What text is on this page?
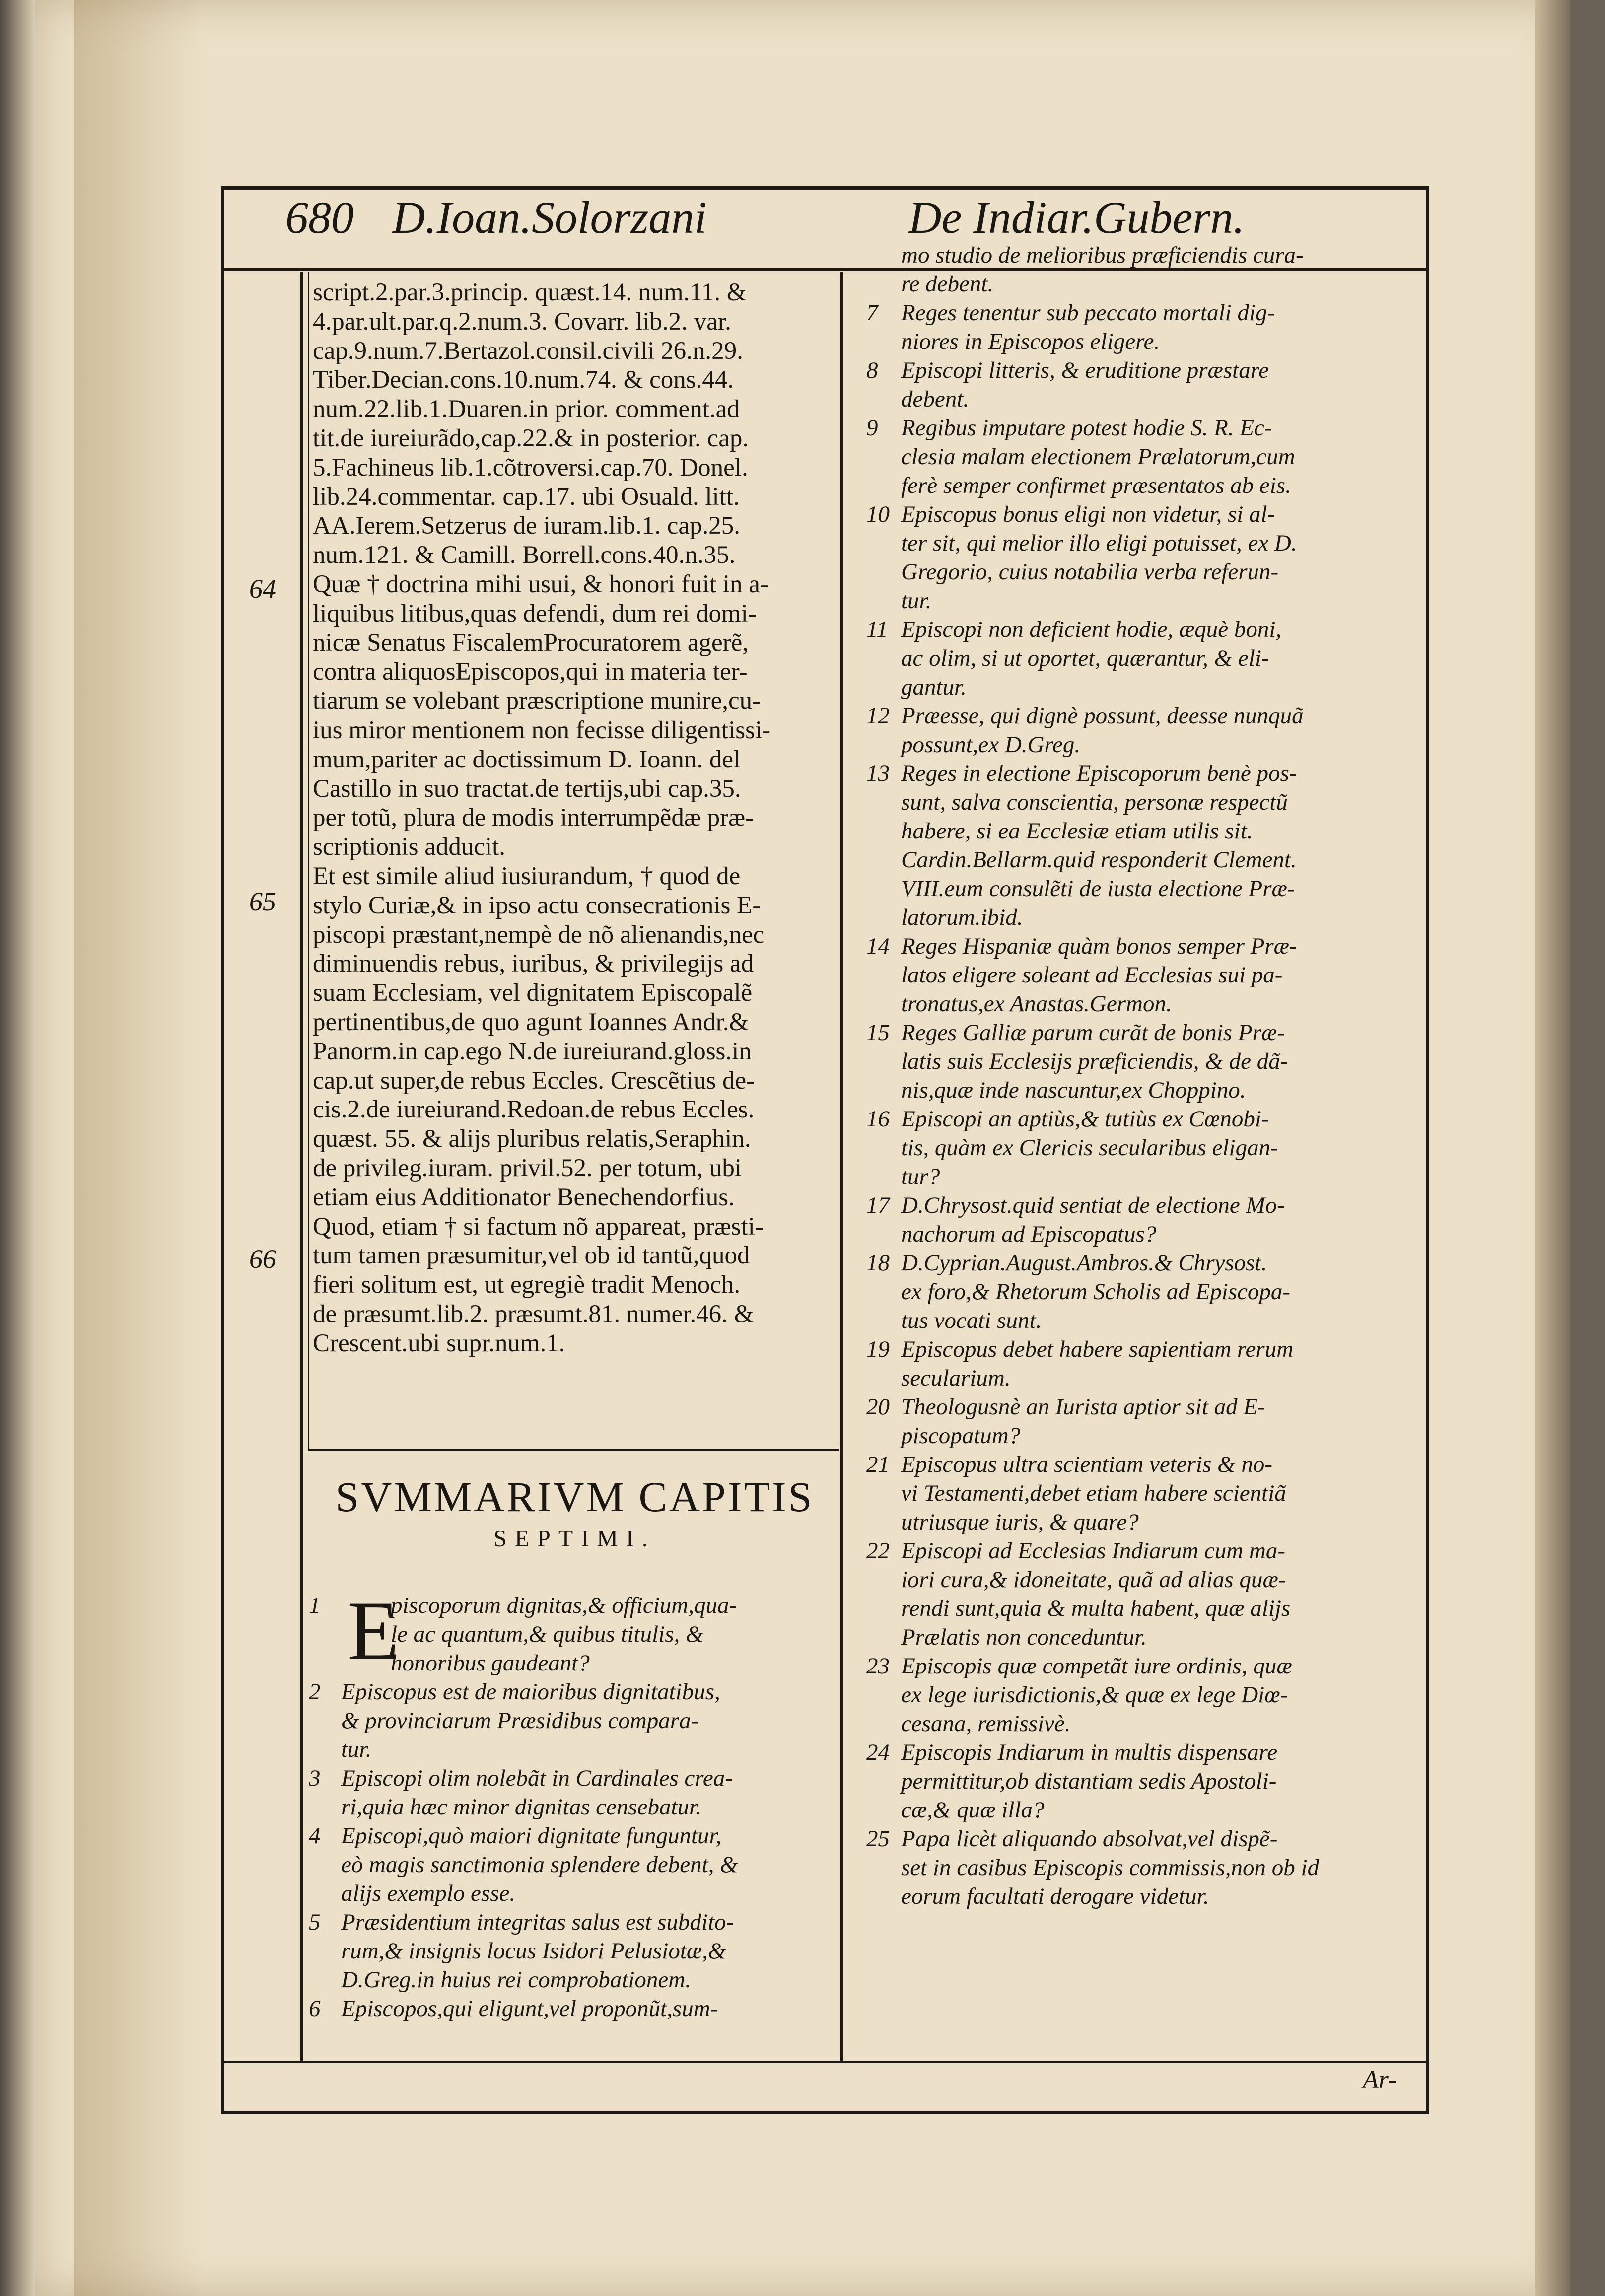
680 D.Ioan.Solorzani	De Indiar.Gubern.
script.2.par.3.princip. quæst.14. num.11. &
4.par.ult.par.q.2.num.3. Covarr. lib.2. var.
cap.9.num.7.Bertazol.consil.civili 26.n.29.
Tiber.Decian.cons.10.num.74. & cons.44.
num.22.lib.1.Duaren.in prior. comment.ad
tit.de iureiurãdo,cap.22.& in posterior. cap.
5.Fachineus lib.1.cõtroversi.cap.70. Donel.
lib.24.commentar. cap.17. ubi Osuald. litt.
AA.Ierem.Setzerus de iuram.lib.1. cap.25.
num.121. & Camill. Borrell.cons.40.n.35.
Quæ † doctrina mihi usui, & honori fuit in a-
liquibus litibus,quas defendi, dum rei domi-
nicæ Senatus FiscalemProcuratorem agerẽ,
contra aliquosEpiscopos,qui in materia ter-
tiarum se volebant præscriptione munire,cu-
ius miror mentionem non fecisse diligentissi-
mum,pariter ac doctissimum D. Ioann. del
Castillo in suo tractat.de tertijs,ubi cap.35.
per totũ, plura de modis interrumpẽdæ præ-
scriptionis adducit.
Et est simile aliud iusiurandum, † quod de
stylo Curiæ,& in ipso actu consecrationis E-
piscopi præstant,nempè de nõ alienandis,nec
diminuendis rebus, iuribus, & privilegijs ad
suam Ecclesiam, vel dignitatem Episcopalẽ
pertinentibus,de quo agunt Ioannes Andr.&
Panorm.in cap.ego N.de iureiurand.gloss.in
cap.ut super,de rebus Eccles. Crescẽtius de-
cis.2.de iureiurand.Redoan.de rebus Eccles.
quæst. 55. & alijs pluribus relatis,Seraphin.
de privileg.iuram. privil.52. per totum, ubi
etiam eius Additionator Benechendorfius.
Quod, etiam † si factum nõ appareat, præsti-
tum tamen præsumitur,vel ob id tantũ,quod
fieri solitum est, ut egregiè tradit Menoch.
de præsumt.lib.2. præsumt.81. numer.46. &
Crescent.ubi supr.num.1.
64
65
66
SVMMARIVM CAPITIS
SEPTIMI.
E
1	piscoporum dignitas,& officium,qua-
le ac quantum,& quibus titulis, &
honoribus gaudeant?
2 Episcopus est de maioribus dignitatibus,
& provinciarum Præsidibus compara-
tur.
3 Episcopi olim nolebãt in Cardinales crea-
ri,quia hæc minor dignitas censebatur.
4 Episcopi,quò maiori dignitate funguntur,
eò magis sanctimonia splendere debent, &
alijs exemplo esse.
5 Præsidentium integritas salus est subdito-
rum,& insignis locus Isidori Pelusiotæ,&
D.Greg.in huius rei comprobationem.
6 Episcopos,qui eligunt,vel proponũt,sum-
mo studio de melioribus præficiendis cura-
re debent.
7 Reges tenentur sub peccato mortali dig-
niores in Episcopos eligere.
8 Episcopi litteris, & eruditione præstare
debent.
9 Regibus imputare potest hodie S. R. Ec-
clesia malam electionem Prælatorum,cum
ferè semper confirmet præsentatos ab eis.
10 Episcopus bonus eligi non videtur, si al-
ter sit, qui melior illo eligi potuisset, ex D.
Gregorio, cuius notabilia verba referun-
tur.
11 Episcopi non deficient hodie, æquè boni,
ac olim, si ut oportet, quærantur, & eli-
gantur.
12 Præesse, qui dignè possunt, deesse nunquã
possunt,ex D.Greg.
13 Reges in electione Episcoporum benè pos-
sunt, salva conscientia, personæ respectũ
habere, si ea Ecclesiæ etiam utilis sit.
Cardin.Bellarm.quid responderit Clement.
VIII.eum consulẽti de iusta electione Præ-
latorum.ibid.
14 Reges Hispaniæ quàm bonos semper Præ-
latos eligere soleant ad Ecclesias sui pa-
tronatus,ex Anastas.Germon.
15 Reges Galliæ parum curãt de bonis Præ-
latis suis Ecclesijs præficiendis, & de dã-
nis,quæ inde nascuntur,ex Choppino.
16 Episcopi an aptiùs,& tutiùs ex Cœnobi-
tis, quàm ex Clericis secularibus eligan-
tur?
17 D.Chrysost.quid sentiat de electione Mo-
nachorum ad Episcopatus?
18 D.Cyprian.August.Ambros.& Chrysost.
ex foro,& Rhetorum Scholis ad Episcopa-
tus vocati sunt.
19 Episcopus debet habere sapientiam rerum
secularium.
20 Theologusnè an Iurista aptior sit ad E-
piscopatum?
21 Episcopus ultra scientiam veteris & no-
vi Testamenti,debet etiam habere scientiã
utriusque iuris, & quare?
22 Episcopi ad Ecclesias Indiarum cum ma-
iori cura,& idoneitate, quã ad alias quæ-
rendi sunt,quia & multa habent, quæ alijs
Prælatis non conceduntur.
23 Episcopis quæ competãt iure ordinis, quæ
ex lege iurisdictionis,& quæ ex lege Diœ-
cesana, remissivè.
24 Episcopis Indiarum in multis dispensare
permittitur,ob distantiam sedis Apostoli-
cæ,& quæ illa?
25 Papa licèt aliquando absolvat,vel dispẽ-
set in casibus Episcopis commissis,non ob id
eorum facultati derogare videtur.
Ar-
